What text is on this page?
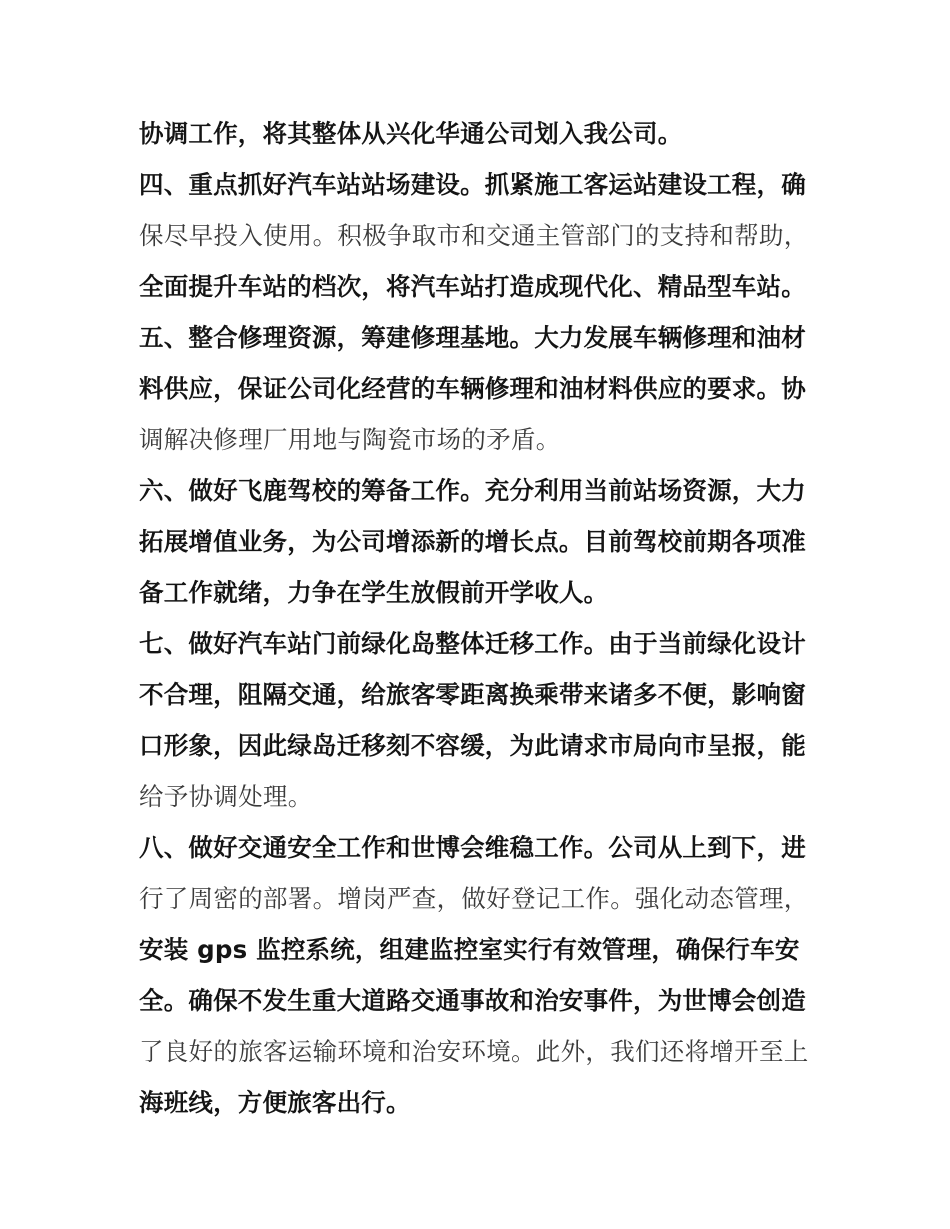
协调工作，将其整体从兴化华通公司划入我公司。
四、重点抓好汽车站站场建设。抓紧施工客运站建设工程，确
保尽早投入使用。积极争取市和交通主管部门的支持和帮助，
全面提升车站的档次，将汽车站打造成现代化、精品型车站。
五、整合修理资源，筹建修理基地。大力发展车辆修理和油材
料供应，保证公司化经营的车辆修理和油材料供应的要求。协
调解决修理厂用地与陶瓷市场的矛盾。
六、做好飞鹿驾校的筹备工作。充分利用当前站场资源，大力
拓展增值业务，为公司增添新的增长点。目前驾校前期各项准
备工作就绪，力争在学生放假前开学收人。
七、做好汽车站门前绿化岛整体迁移工作。由于当前绿化设计
不合理，阻隔交通，给旅客零距离换乘带来诸多不便，影响窗
口形象，因此绿岛迁移刻不容缓，为此请求市局向市呈报，能
给予协调处理。
八、做好交通安全工作和世博会维稳工作。公司从上到下，进
行了周密的部署。增岗严查，做好登记工作。强化动态管理，
安装 gps 监控系统，组建监控室实行有效管理，确保行车安
全。确保不发生重大道路交通事故和治安事件，为世博会创造
了良好的旅客运输环境和治安环境。此外，我们还将增开至上
海班线，方便旅客出行。
